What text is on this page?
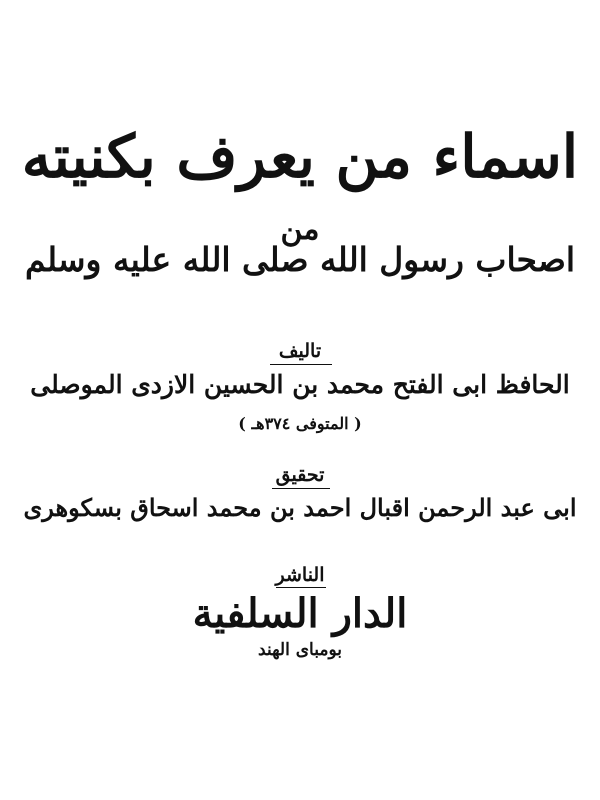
اسماء من يعرف بكنيته
من
اصحاب رسول الله صلى الله عليه وسلم
تاليف
الحافظ ابى الفتح محمد بن الحسين الازدى الموصلى
( المتوفى ٣٧٤هـ )
تحقيق
ابى عبد الرحمن اقبال احمد بن محمد اسحاق بسكوهرى
الناشر
الدار السلفية
بومباى الهند
